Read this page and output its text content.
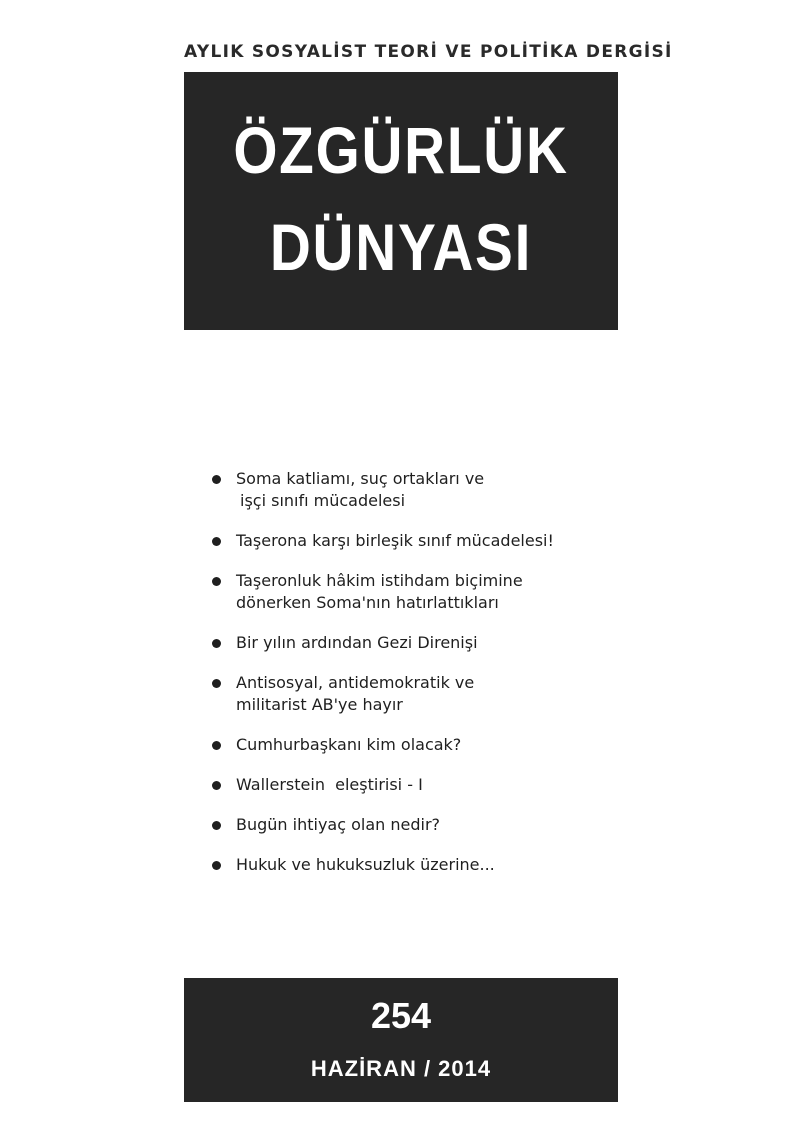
AYLIK SOSYALİST TEORİ VE POLİTİKA DERGİSİ
ÖZGÜRLÜK
DÜNYASI
Soma katliamı, suç ortakları ve
işçi sınıfı mücadelesi
Taşerona karşı birleşik sınıf mücadelesi!
Taşeronluk hâkim istihdam biçimine
dönerken Soma'nın hatırlattıkları
Bir yılın ardından Gezi Direnişi
Antisosyal, antidemokratik ve
militarist AB'ye hayır
Cumhurbaşkanı kim olacak?
Wallerstein  eleştirisi - I
Bugün ihtiyaç olan nedir?
Hukuk ve hukuksuzluk üzerine...
254
HAZİRAN / 2014
